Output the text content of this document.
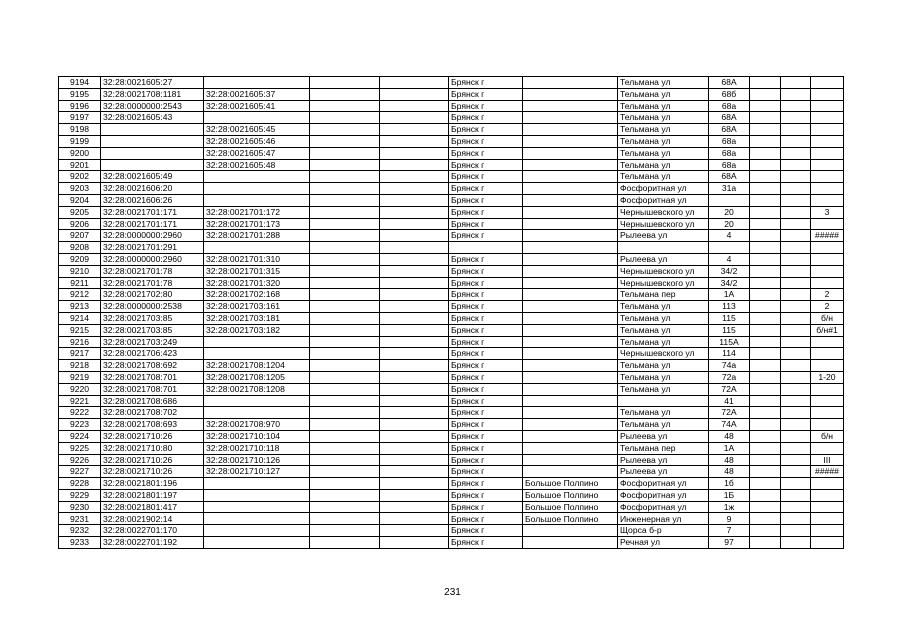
9194	32:28:0021605:27				Брянск г		Тельмана ул	68А			
9195	32:28:0021708:1181	32:28:0021605:37			Брянск г		Тельмана ул	68б			
9196	32:28:0000000:2543	32:28:0021605:41			Брянск г		Тельмана ул	68а			
9197	32:28:0021605:43				Брянск г		Тельмана ул	68А			
9198		32:28:0021605:45			Брянск г		Тельмана ул	68А			
9199		32:28:0021605:46			Брянск г		Тельмана ул	68а			
9200		32:28:0021605:47			Брянск г		Тельмана ул	68а			
9201		32:28:0021605:48			Брянск г		Тельмана ул	68а			
9202	32:28:0021605:49				Брянск г		Тельмана ул	68А			
9203	32:28:0021606:20				Брянск г		Фосфоритная ул	31а			
9204	32:28:0021606:26				Брянск г		Фосфоритная ул				
9205	32:28:0021701:171	32:28:0021701:172			Брянск г		Чернышевского ул	20			3
9206	32:28:0021701:171	32:28:0021701:173			Брянск г		Чернышевского ул	20			
9207	32:28:0000000:2960	32:28:0021701:288			Брянск г		Рылеева ул	4			#####
9208	32:28:0021701:291										
9209	32:28:0000000:2960	32:28:0021701:310			Брянск г		Рылеева ул	4			
9210	32:28:0021701:78	32:28:0021701:315			Брянск г		Чернышевского ул	34/2			
9211	32:28:0021701:78	32:28:0021701:320			Брянск г		Чернышевского ул	34/2			
9212	32:28:0021702:80	32:28:0021702:168			Брянск г		Тельмана пер	1А			2
9213	32:28:0000000:2538	32:28:0021703:161			Брянск г		Тельмана ул	113			2
9214	32:28:0021703:85	32:28:0021703:181			Брянск г		Тельмана ул	115			б/н
9215	32:28:0021703:85	32:28:0021703:182			Брянск г		Тельмана ул	115			б/н#1
9216	32:28:0021703:249				Брянск г		Тельмана ул	115А			
9217	32:28:0021706:423				Брянск г		Чернышевского ул	114			
9218	32:28:0021708:692	32:28:0021708:1204			Брянск г		Тельмана ул	74а			
9219	32:28:0021708:701	32:28:0021708:1205			Брянск г		Тельмана ул	72а			1-20
9220	32:28:0021708:701	32:28:0021708:1208			Брянск г		Тельмана ул	72А			
9221	32:28:0021708:686				Брянск г			41			
9222	32:28:0021708:702				Брянск г		Тельмана ул	72А			
9223	32:28:0021708:693	32:28:0021708:970			Брянск г		Тельмана ул	74А			
9224	32:28:0021710:26	32:28:0021710:104			Брянск г		Рылеева ул	48			б/н
9225	32:28:0021710:80	32:28:0021710:118			Брянск г		Тельмана пер	1А			
9226	32:28:0021710:26	32:28:0021710:126			Брянск г		Рылеева ул	48			III
9227	32:28:0021710:26	32:28:0021710:127			Брянск г		Рылеева ул	48			#####
9228	32:28:0021801:196				Брянск г	Большое Полпино	Фосфоритная ул	1б			
9229	32:28:0021801:197				Брянск г	Большое Полпино	Фосфоритная ул	1Б			
9230	32:28:0021801:417				Брянск г	Большое Полпино	Фосфоритная ул	1ж			
9231	32:28:0021902:14				Брянск г	Большое Полпино	Инженерная ул	9			
9232	32:28:0022701:170				Брянск г		Щорса б-р	7			
9233	32:28:0022701:192				Брянск г		Речная ул	97			
231
